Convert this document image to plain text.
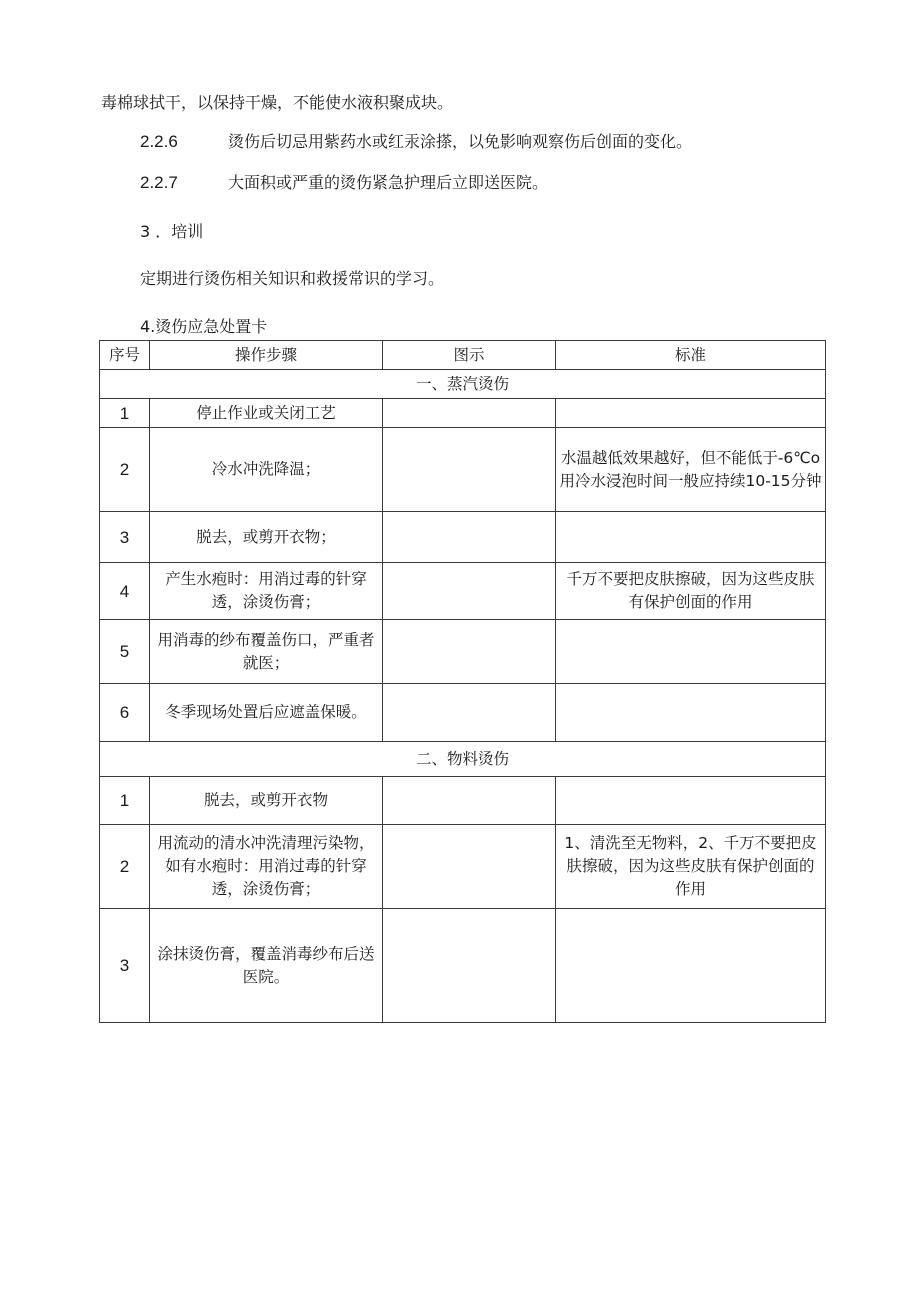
毒棉球拭干，以保持干燥，不能使水液积聚成块。
2.2.6	烫伤后切忌用紫药水或红汞涂搽，以免影响观察伤后创面的变化。
2.2.7	大面积或严重的烫伤紧急护理后立即送医院。
3 ．培训
定期进行烫伤相关知识和救援常识的学习。
4.烫伤应急处置卡
序号	操作步骤	图示	标准
一、蒸汽烫伤			
1	停止作业或关闭工艺		
2	冷水冲洗降温；		水温越低效果越好，但不能低于-6℃o用冷水浸泡时间一般应持续10-15分钟
3	脱去，或剪开衣物；		
4	产生水疱时：用消过毒的针穿透，涂烫伤膏；		千万不要把皮肤擦破，因为这些皮肤有保护创面的作用
5	用消毒的纱布覆盖伤口，严重者就医；		
6	冬季现场处置后应遮盖保暖。		
二、物料烫伤			
1	脱去，或剪开衣物		
2	用流动的清水冲洗清理污染物，如有水疱时：用消过毒的针穿透，涂烫伤膏；		1、清洗至无物料，2、千万不要把皮肤擦破，因为这些皮肤有保护创面的作用
3	涂抹烫伤膏，覆盖消毒纱布后送医院。		
